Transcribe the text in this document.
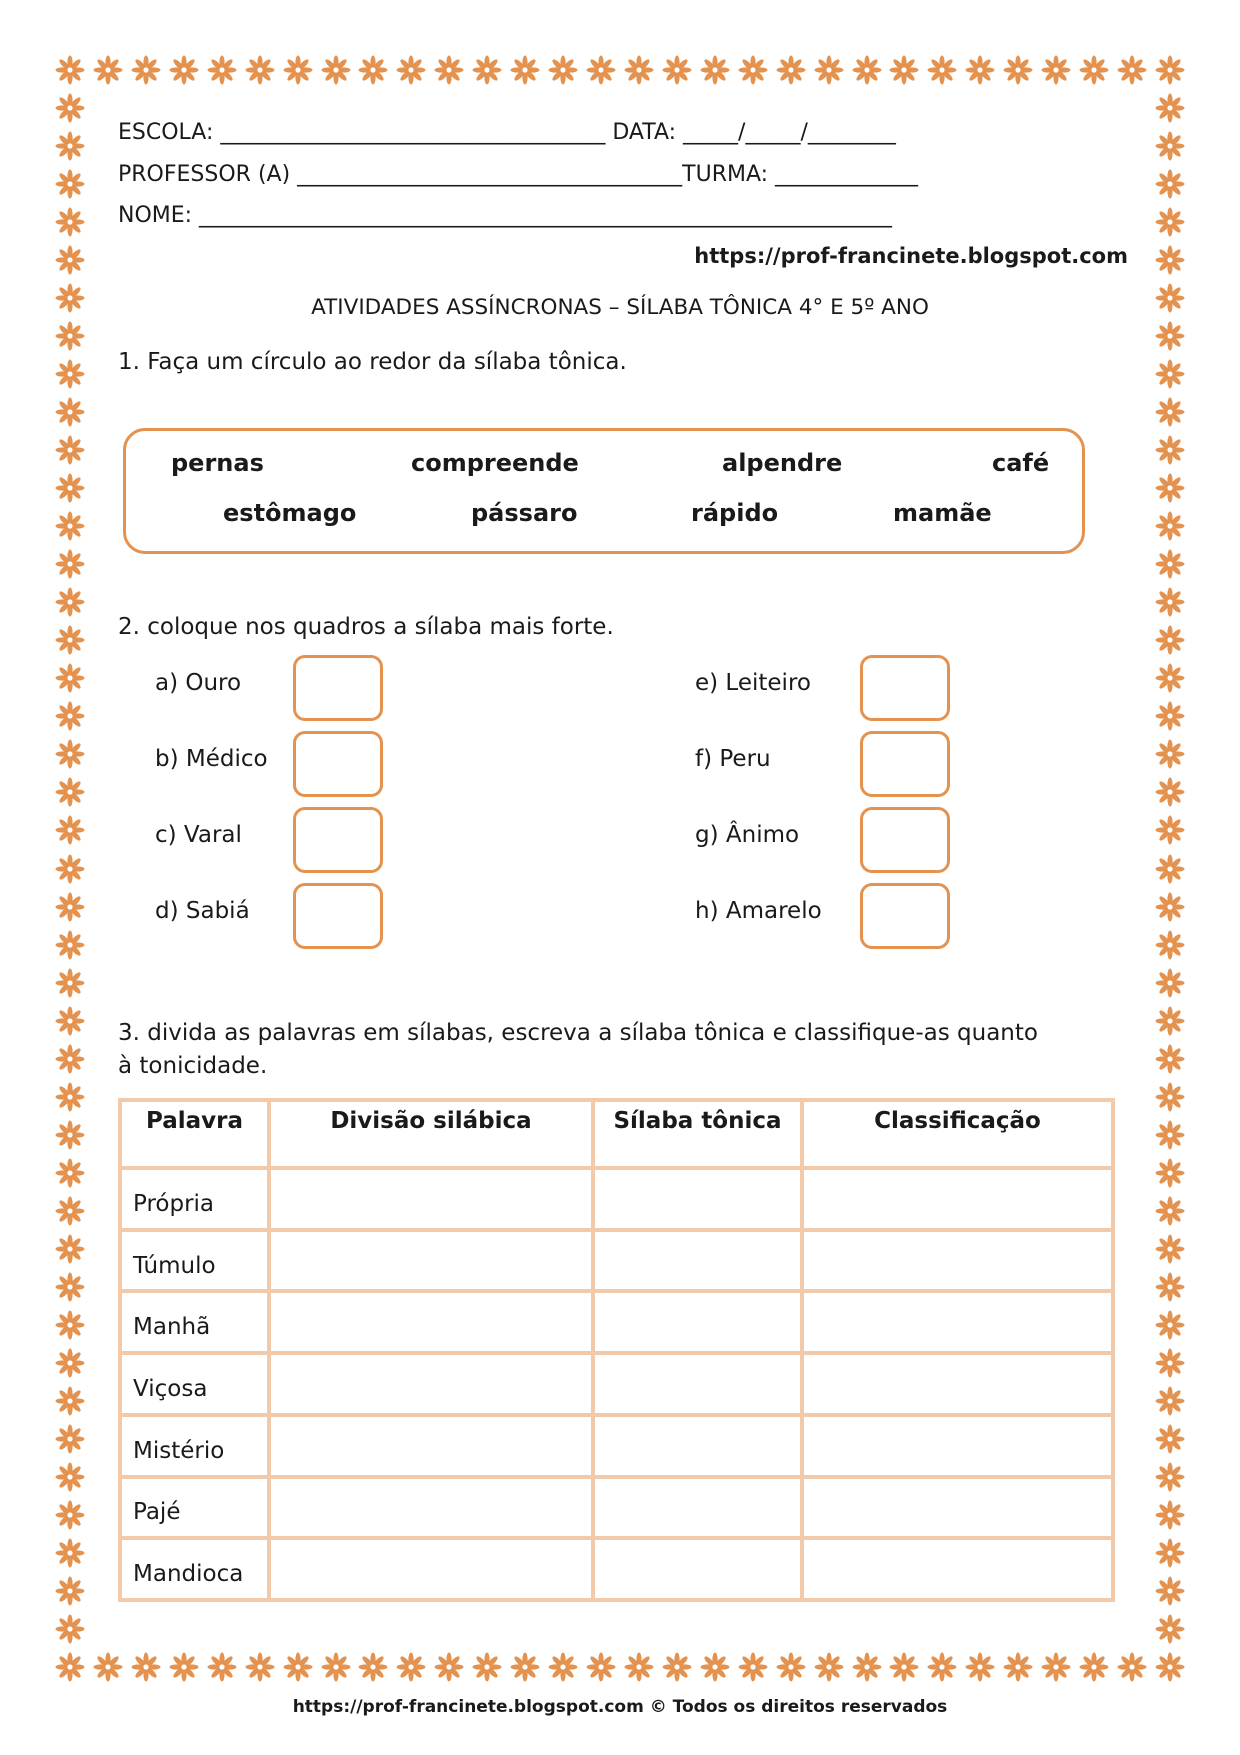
ESCOLA: ___________________________________ DATA: _____/_____/________
PROFESSOR (A) ___________________________________TURMA: _____________
NOME: _______________________________________________________________
https://prof-francinete.blogspot.com
ATIVIDADES ASSÍNCRONAS – SÍLABA TÔNICA 4° E 5º ANO
1. Faça um círculo ao redor da sílaba tônica.
pernas	compreende	alpendre	café
estômago	pássaro	rápido	mamãe
2. coloque nos quadros a sílaba mais forte.
a) Ouro
b) Médico
c) Varal
d) Sabiá
e) Leiteiro
f) Peru
g) Ânimo
h) Amarelo
3. divida as palavras em sílabas, escreva a sílaba tônica e classifique-as quanto
à tonicidade.
Palavra	Divisão silábica	Sílaba tônica	Classificação
Própria			
Túmulo			
Manhã			
Viçosa			
Mistério			
Pajé			
Mandioca			
https://prof-francinete.blogspot.com © Todos os direitos reservados
